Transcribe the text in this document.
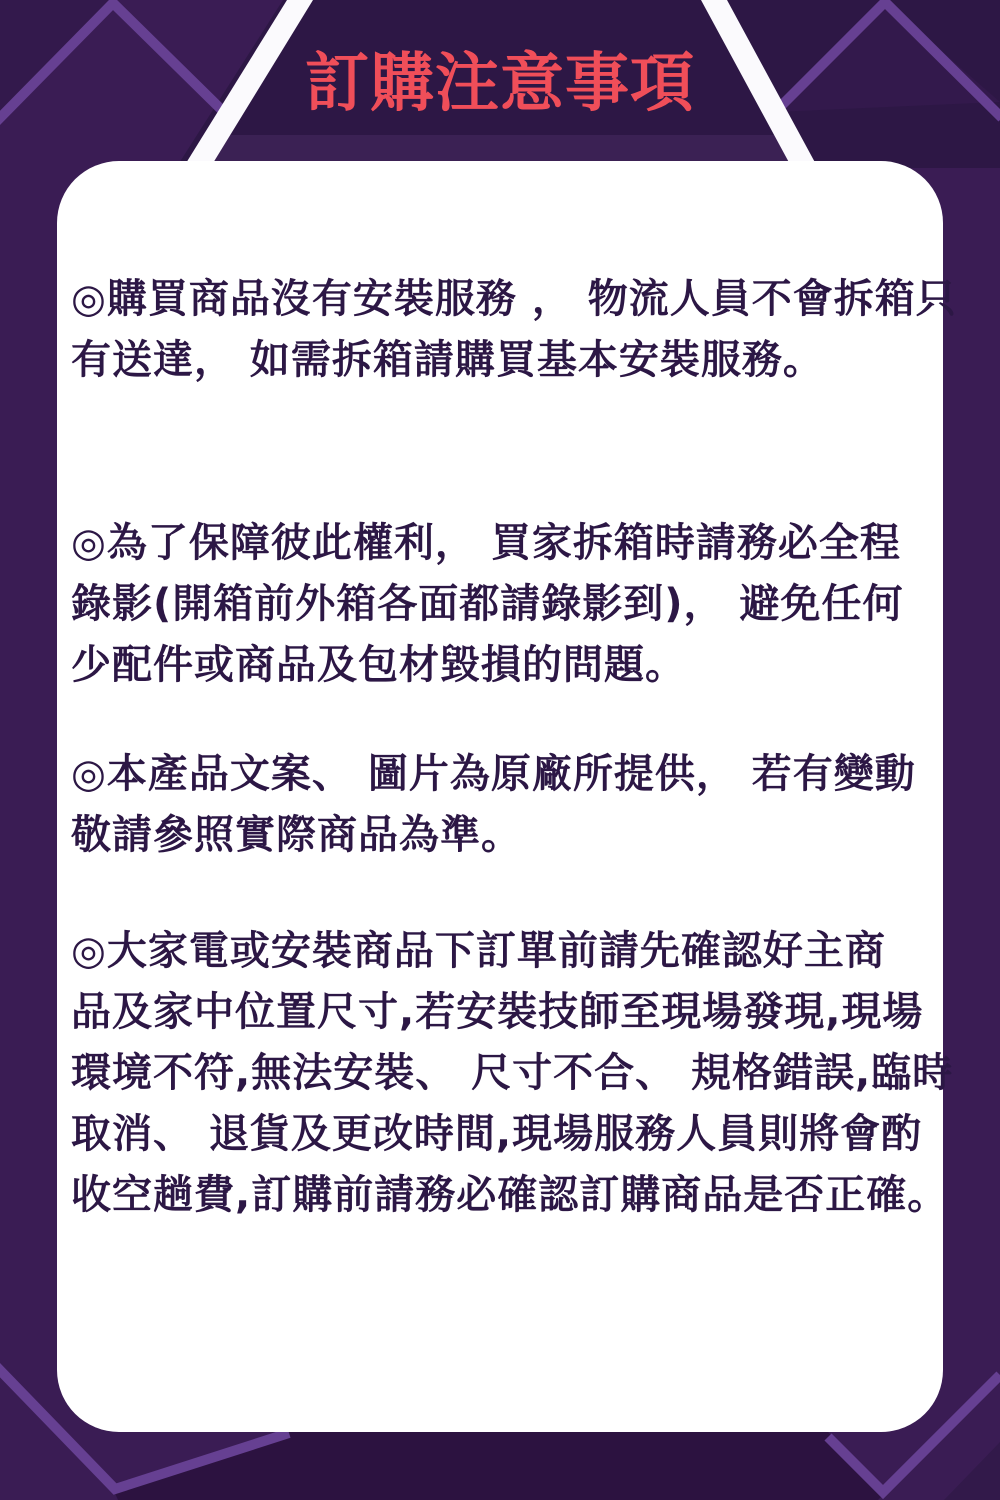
訂購注意事項

◎購買商品沒有安裝服務 ， 物流人員不會拆箱只
有送達， 如需拆箱請購買基本安裝服務。

◎為了保障彼此權利， 買家拆箱時請務必全程
錄影(開箱前外箱各面都請錄影到)， 避免任何
少配件或商品及包材毀損的問題。

◎本產品文案、 圖片為原廠所提供， 若有變動
敬請參照實際商品為準。

◎大家電或安裝商品下訂單前請先確認好主商
品及家中位置尺寸,若安裝技師至現場發現,現場
環境不符,無法安裝、 尺寸不合、 規格錯誤,臨時
取消、 退貨及更改時間,現場服務人員則將會酌
收空趟費,訂購前請務必確認訂購商品是否正確。
